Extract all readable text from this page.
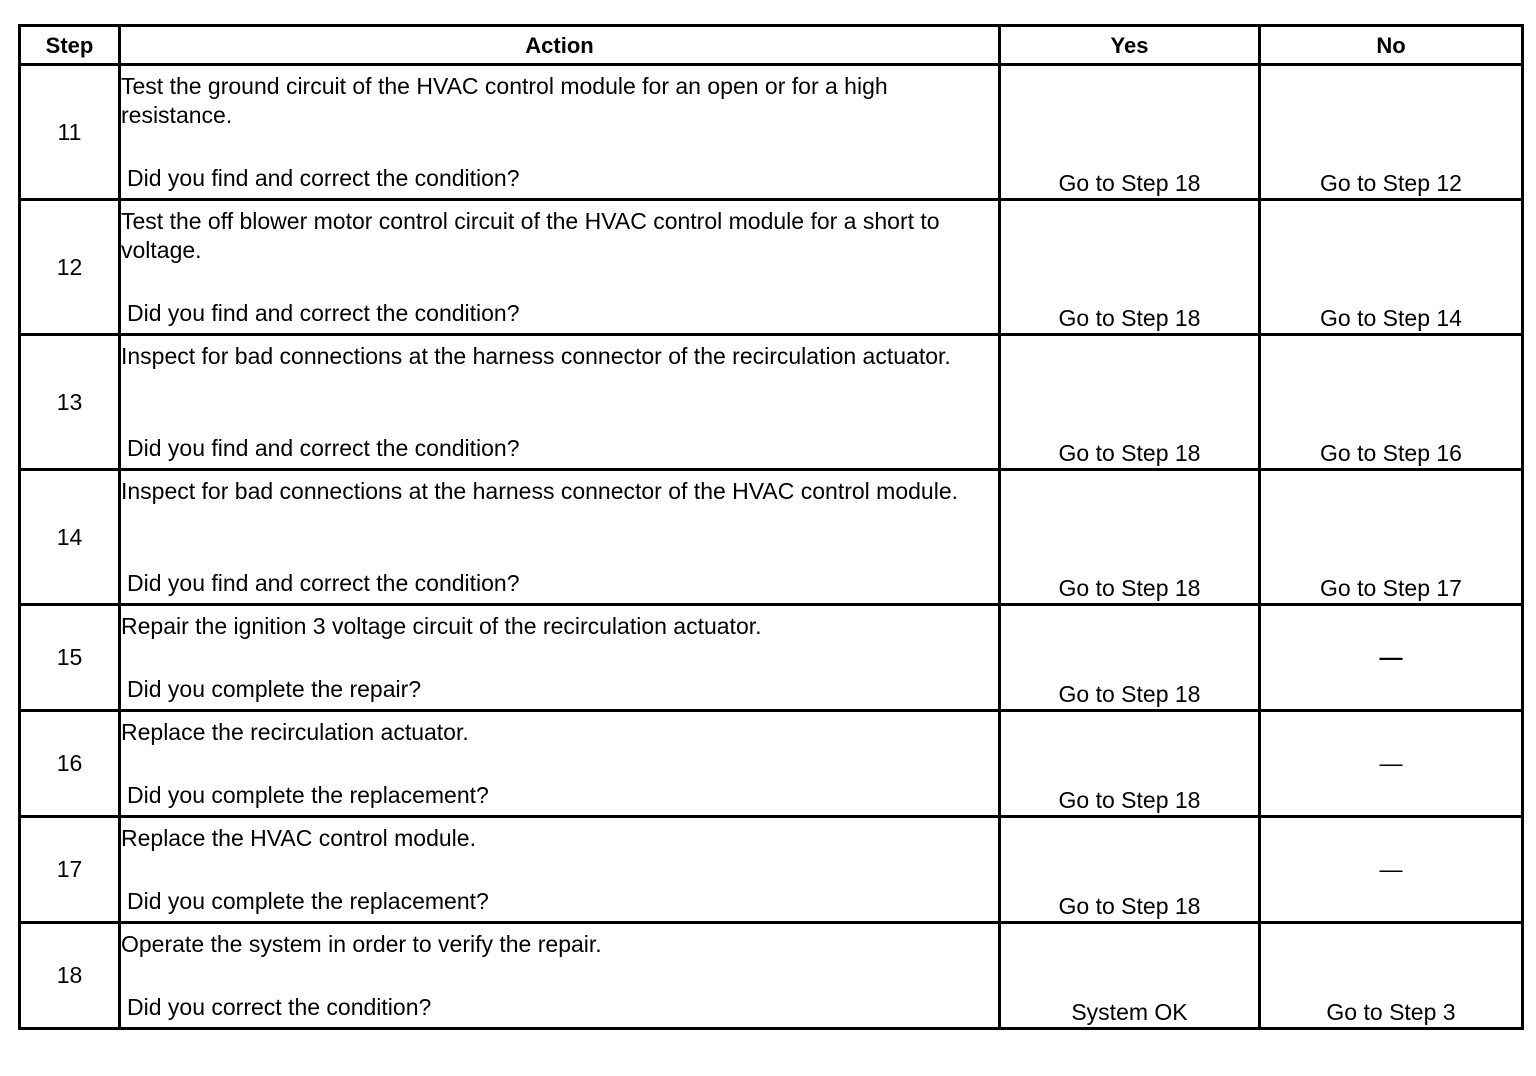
Step	Action	Yes	No
11	Test the ground circuit of the HVAC control module for an open or for a high resistance.
Did you find and correct the condition?	Go to Step 18	Go to Step 12
12	Test the off blower motor control circuit of the HVAC control module for a short to voltage.
Did you find and correct the condition?	Go to Step 18	Go to Step 14
13	Inspect for bad connections at the harness connector of the recirculation actuator.
Did you find and correct the condition?	Go to Step 18	Go to Step 16
14	Inspect for bad connections at the harness connector of the HVAC control module.
Did you find and correct the condition?	Go to Step 18	Go to Step 17
15	Repair the ignition 3 voltage circuit of the recirculation actuator.
Did you complete the repair?	Go to Step 18	—
16	Replace the recirculation actuator.
Did you complete the replacement?	Go to Step 18	—
17	Replace the HVAC control module.
Did you complete the replacement?	Go to Step 18	—
18	Operate the system in order to verify the repair.
Did you correct the condition?	System OK	Go to Step 3
